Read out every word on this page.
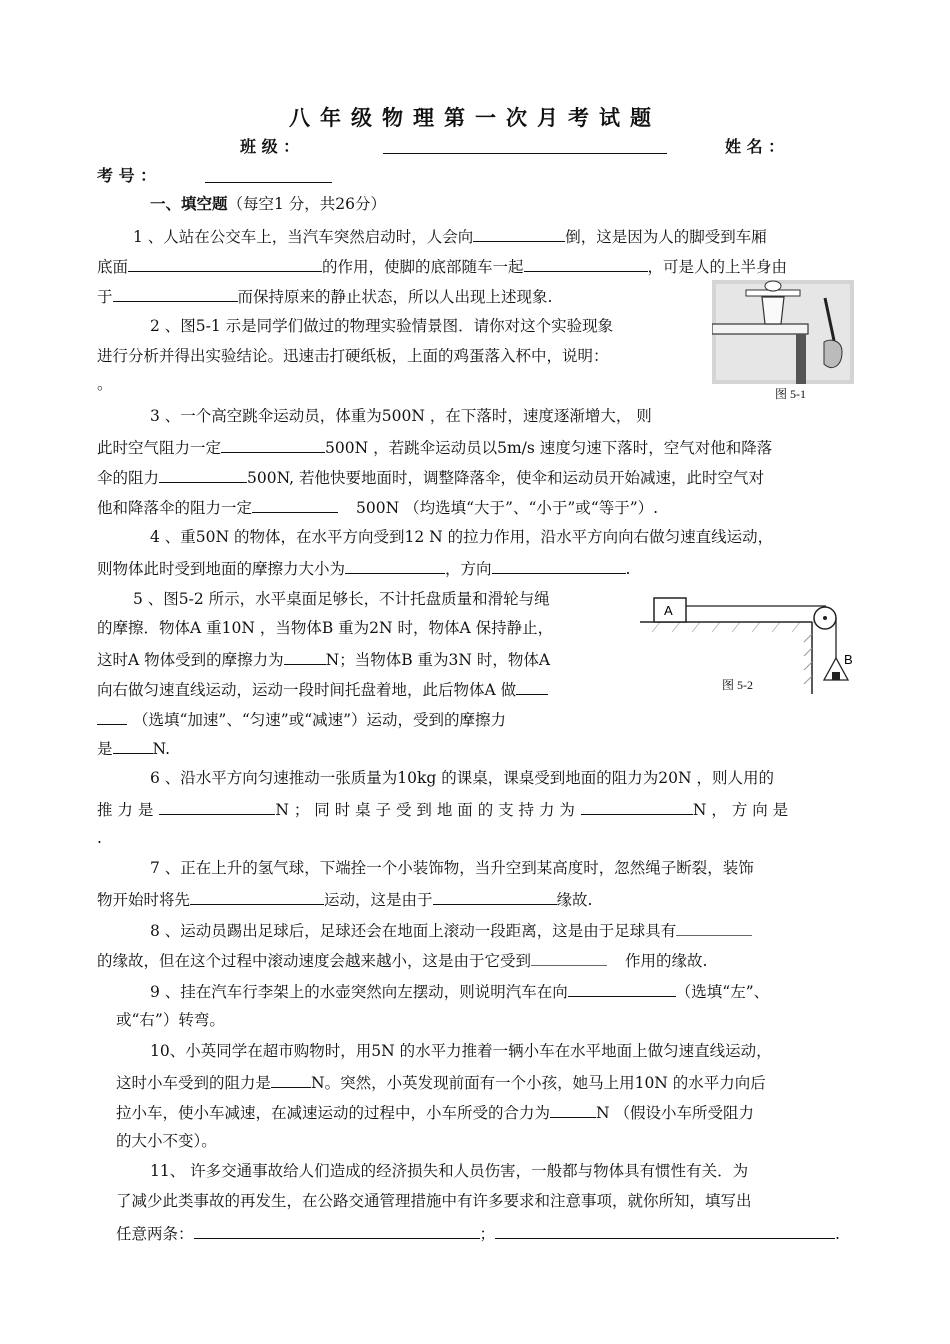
八年级物理第一次月考试题
班 级 ：	姓 名 ：
考 号 ：
一、填空题（每空1 分，共26分）
1 、人站在公交车上，当汽车突然启动时，人会向	倒，这是因为人的脚受到车厢
底面	的作用，使脚的底部随车一起	，可是人的上半身由
于	而保持原来的静止状态，所以人出现上述现象.
2 、图5-1 示是同学们做过的物理实验情景图．请你对这个实验现象
进行分析并得出实验结论。迅速击打硬纸板，上面的鸡蛋落入杯中，说明：
。
图 5-1
3 、一个高空跳伞运动员，体重为500N ，在下落时，速度逐渐增大， 则
此时空气阻力一定	500N ，若跳伞运动员以5m/s 速度匀速下落时，空气对他和降落
伞的阻力	500N, 若他快要地面时，调整降落伞，使伞和运动员开始减速，此时空气对
他和降落伞的阻力一定	500N （均选填“大于”、“小于”或“等于”）.
4 、重50N 的物体，在水平方向受到12 N 的拉力作用，沿水平方向向右做匀速直线运动，
则物体此时受到地面的摩擦力大小为	，方向	.
5 、图5-2 所示，水平桌面足够长，不计托盘质量和滑轮与绳
的摩擦．物体A 重10N ，当物体B 重为2N 时，物体A 保持静止，
这时A 物体受到的摩擦力为	N；当物体B 重为3N 时，物体A
向右做匀速直线运动，运动一段时间托盘着地，此后物体A 做
（选填“加速”、“匀速”或“减速”）运动，受到的摩擦力
是	N.
A
B
图 5-2
6 、沿水平方向匀速推动一张质量为10kg 的课桌，课桌受到地面的阻力为20N ，则人用的
推 力 是	N ； 同 时 桌 子 受 到 地 面 的 支 持 力 为	N ， 方 向 是
.
7 、正在上升的氢气球，下端拴一个小装饰物，当升空到某高度时，忽然绳子断裂，装饰
物开始时将先	运动，这是由于	缘故.
8 、运动员踢出足球后，足球还会在地面上滚动一段距离，这是由于足球具有
的缘故，但在这个过程中滚动速度会越来越小，这是由于它受到	作用的缘故.
9 、挂在汽车行李架上的水壶突然向左摆动，则说明汽车在向	（选填“左”、
或“右”）转弯。
10、小英同学在超市购物时，用5N 的水平力推着一辆小车在水平地面上做匀速直线运动，
这时小车受到的阻力是	N。突然，小英发现前面有一个小孩，她马上用10N 的水平力向后
拉小车，使小车减速，在减速运动的过程中，小车所受的合力为	N （假设小车所受阻力
的大小不变）。
11、 许多交通事故给人们造成的经济损失和人员伤害，一般都与物体具有惯性有关．为
了减少此类事故的再发生，在公路交通管理措施中有许多要求和注意事项，就你所知，填写出
任意两条：	；	.
